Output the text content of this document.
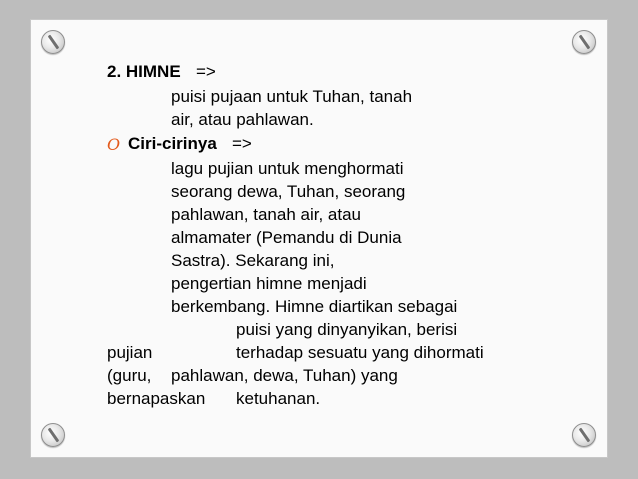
2. HIMNE =>
puisi pujaan untuk Tuhan, tanah
air, atau pahlawan.
O Ciri-cirinya =>
lagu pujian untuk menghormati
seorang dewa, Tuhan, seorang
pahlawan, tanah air, atau
almamater (Pemandu di Dunia
Sastra). Sekarang ini,
pengertian himne menjadi
berkembang. Himne diartikan sebagai
puisi yang dinyanyikan, berisi
pujian	terhadap sesuatu yang dihormati
(guru, pahlawan, dewa, Tuhan) yang
bernapaskan ketuhanan.
